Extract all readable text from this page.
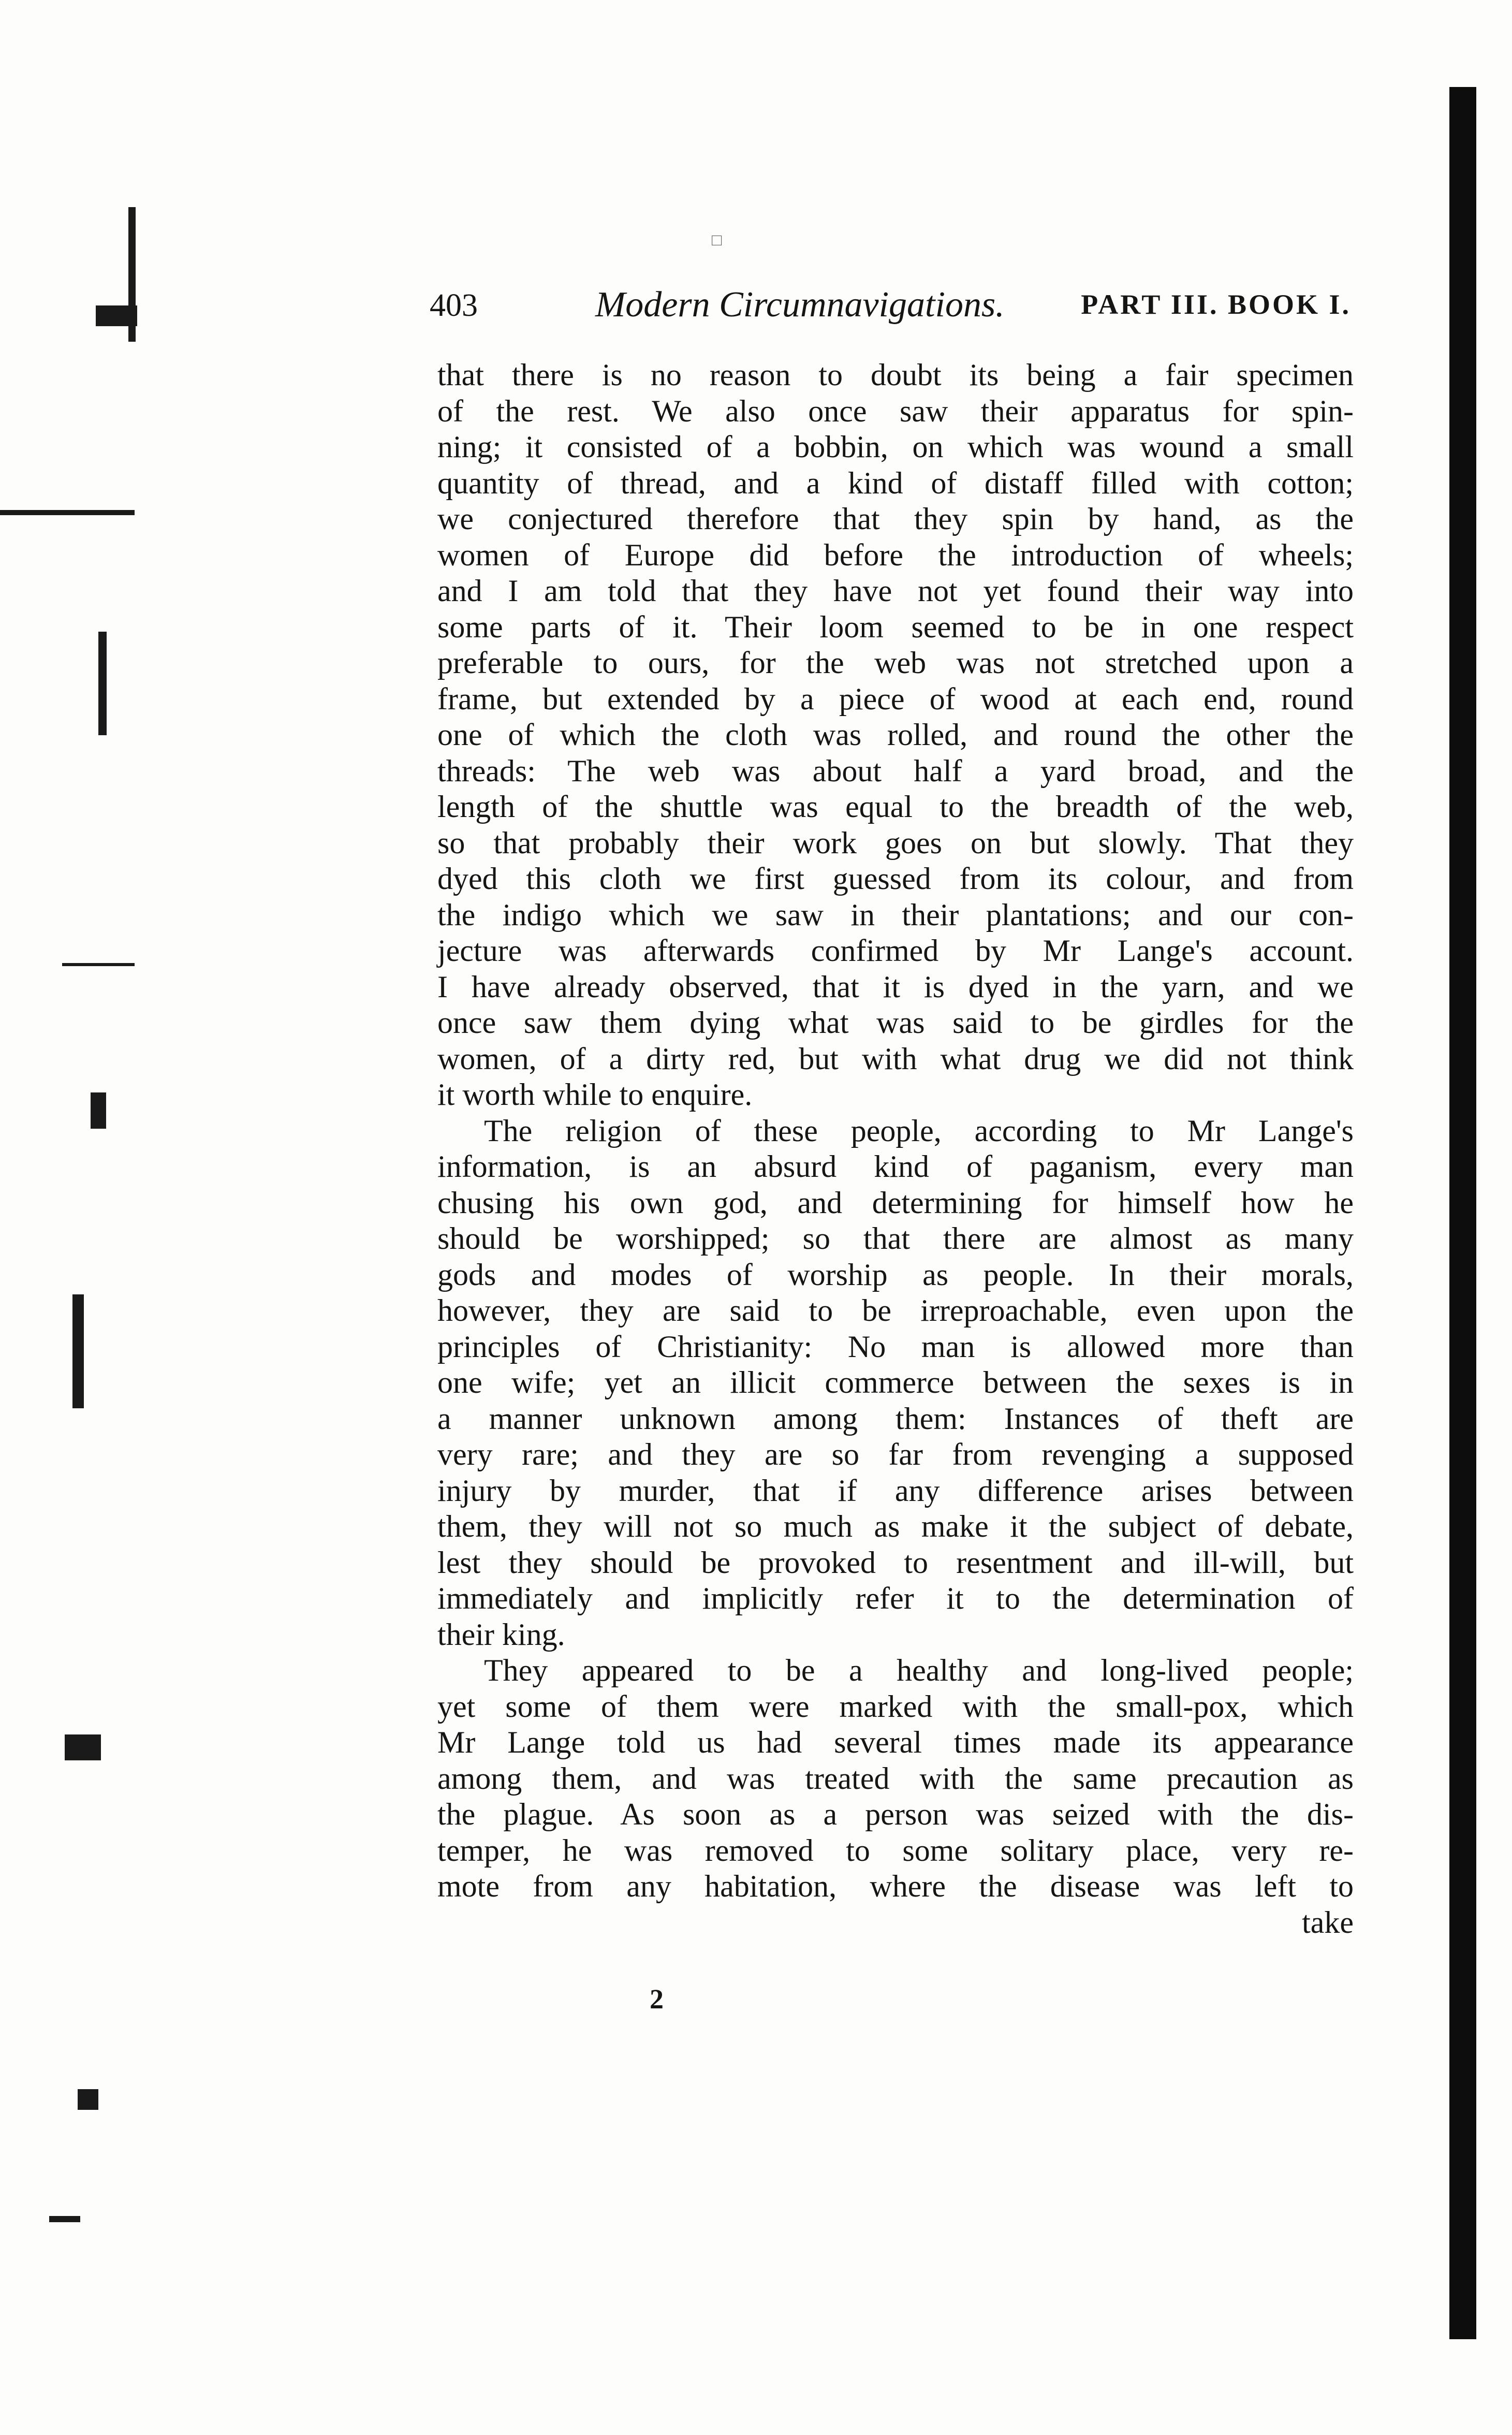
□
403	Modern Circumnavigations.	PART III. BOOK I.
that there is no reason to doubt its being a fair specimen
of the rest. We also once saw their apparatus for spin-
ning; it consisted of a bobbin, on which was wound a small
quantity of thread, and a kind of distaff filled with cotton;
we conjectured therefore that they spin by hand, as the
women of Europe did before the introduction of wheels;
and I am told that they have not yet found their way into
some parts of it. Their loom seemed to be in one respect
preferable to ours, for the web was not stretched upon a
frame, but extended by a piece of wood at each end, round
one of which the cloth was rolled, and round the other the
threads: The web was about half a yard broad, and the
length of the shuttle was equal to the breadth of the web,
so that probably their work goes on but slowly. That they
dyed this cloth we first guessed from its colour, and from
the indigo which we saw in their plantations; and our con-
jecture was afterwards confirmed by Mr Lange's account.
I have already observed, that it is dyed in the yarn, and we
once saw them dying what was said to be girdles for the
women, of a dirty red, but with what drug we did not think
it worth while to enquire.
The religion of these people, according to Mr Lange's
information, is an absurd kind of paganism, every man
chusing his own god, and determining for himself how he
should be worshipped; so that there are almost as many
gods and modes of worship as people. In their morals,
however, they are said to be irreproachable, even upon the
principles of Christianity: No man is allowed more than
one wife; yet an illicit commerce between the sexes is in
a manner unknown among them: Instances of theft are
very rare; and they are so far from revenging a supposed
injury by murder, that if any difference arises between
them, they will not so much as make it the subject of debate,
lest they should be provoked to resentment and ill-will, but
immediately and implicitly refer it to the determination of
their king.
They appeared to be a healthy and long-lived people;
yet some of them were marked with the small-pox, which
Mr Lange told us had several times made its appearance
among them, and was treated with the same precaution as
the plague. As soon as a person was seized with the dis-
temper, he was removed to some solitary place, very re-
mote from any habitation, where the disease was left to
take
2
